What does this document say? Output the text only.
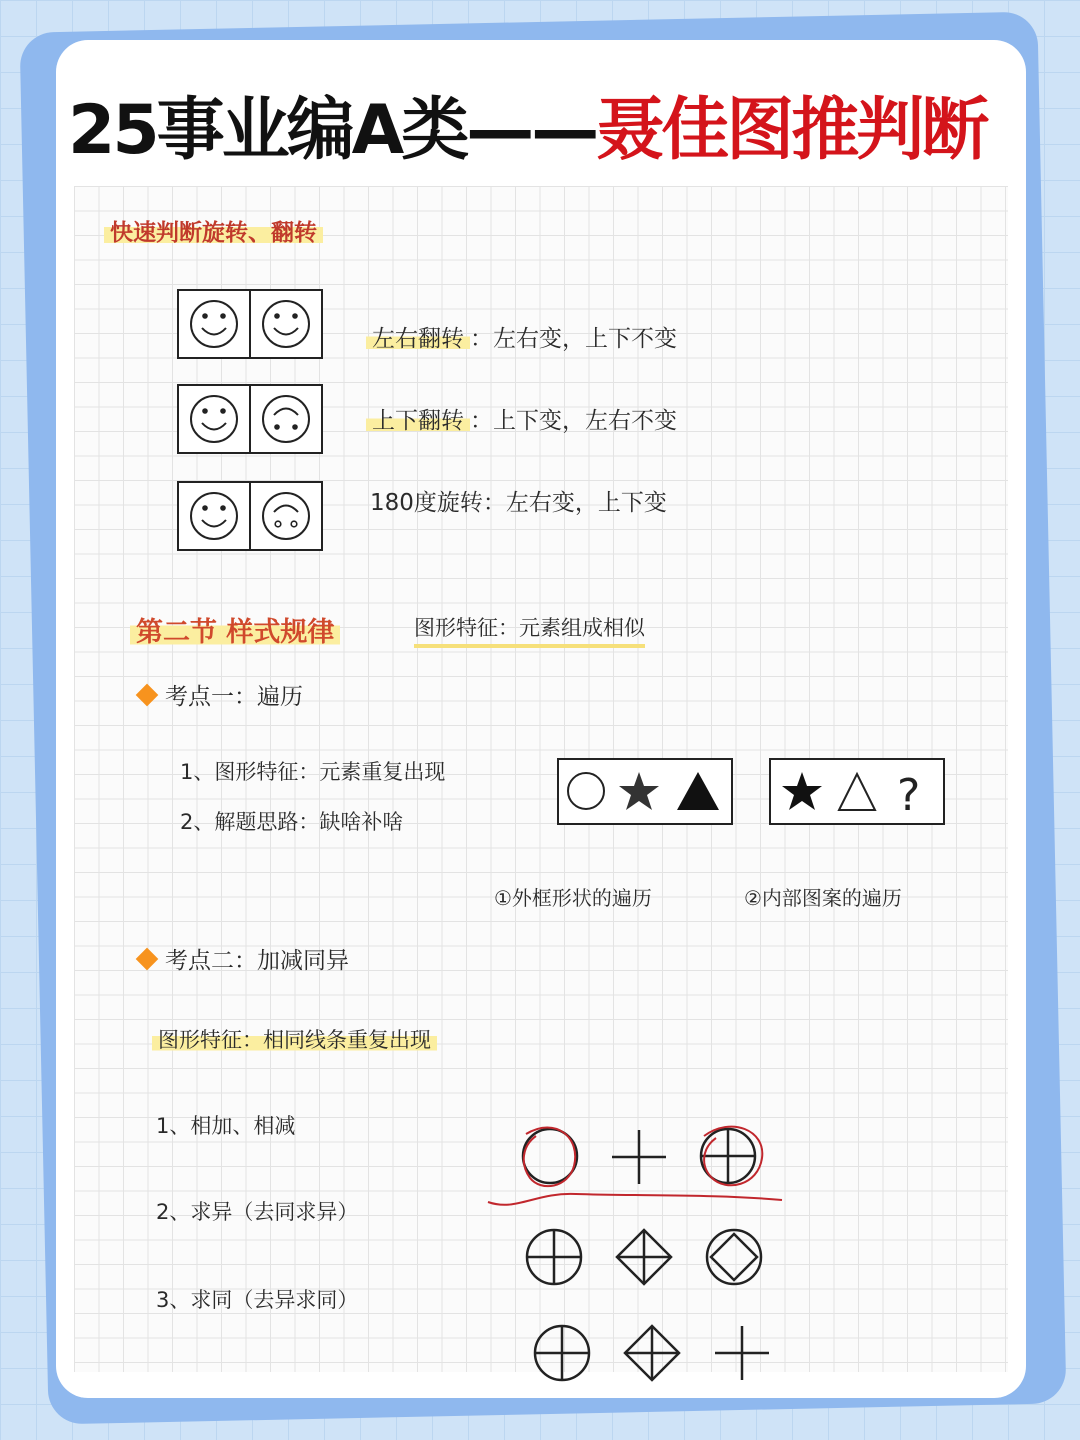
25事业编A类——聂佳图推判断
快速判断旋转、翻转
左右翻转 ：左右变，上下不变
上下翻转 ：上下变，左右不变
180度旋转：左右变，上下变
第二节 样式规律	图形特征：元素组成相似
考点一：遍历
1、图形特征：元素重复出现
2、解题思路：缺啥补啥
?
①外框形状的遍历	②内部图案的遍历
考点二：加减同异
图形特征：相同线条重复出现
1、相加、相减
2、求异（去同求异）
3、求同（去异求同）
